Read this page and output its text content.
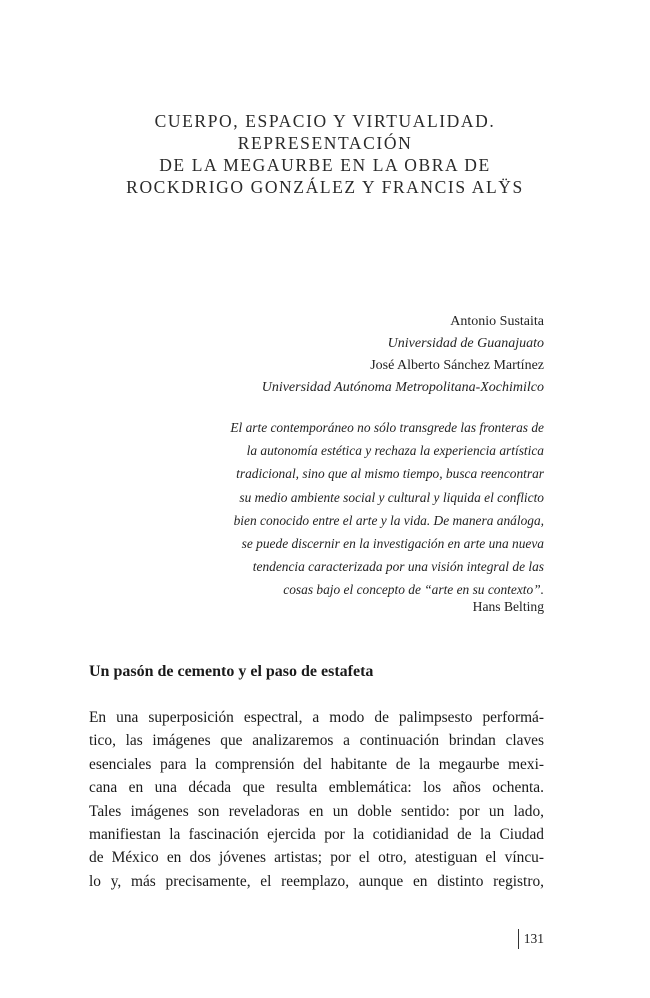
CUERPO, ESPACIO Y VIRTUALIDAD.
REPRESENTACIÓN
DE LA MEGAURBE EN LA OBRA DE
ROCKDRIGO GONZÁLEZ Y FRANCIS ALŸS
Antonio Sustaita
Universidad de Guanajuato
José Alberto Sánchez Martínez
Universidad Autónoma Metropolitana-Xochimilco
El arte contemporáneo no sólo transgrede las fronteras de
la autonomía estética y rechaza la experiencia artística
tradicional, sino que al mismo tiempo, busca reencontrar
su medio ambiente social y cultural y liquida el conflicto
bien conocido entre el arte y la vida. De manera análoga,
se puede discernir en la investigación en arte una nueva
tendencia caracterizada por una visión integral de las
cosas bajo el concepto de “arte en su contexto”.
Hans Belting
Un pasón de cemento y el paso de estafeta
En una superposición espectral, a modo de palimpsesto performá-
tico, las imágenes que analizaremos a continuación brindan claves
esenciales para la comprensión del habitante de la megaurbe mexi-
cana en una década que resulta emblemática: los años ochenta.
Tales imágenes son reveladoras en un doble sentido: por un lado,
manifiestan la fascinación ejercida por la cotidianidad de la Ciudad
de México en dos jóvenes artistas; por el otro, atestiguan el víncu-
lo y, más precisamente, el reemplazo, aunque en distinto registro,
131
